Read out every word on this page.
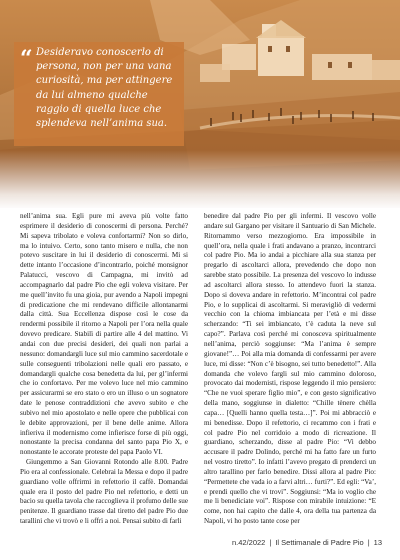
“ Desideravo conoscerlo di persona, non per una vana curiosità, ma per attingere da lui almeno qualche raggio di quella luce che splendeva nell’anima sua.

nell’anima sua. Egli pure mi aveva più volte fatto esprimere il desiderio di conoscermi di persona. Perché? Mi sapeva tribolato e voleva confortarmi? Non so dirlo, ma lo intuivo. Certo, sono tanto misero e nulla, che non potevo suscitare in lui il desiderio di conoscermi. Mi si dette intanto l’occasione d’incontrarlo, poiché monsignor Palatucci, vescovo di Campagna, mi invitò ad accompagnarlo dal padre Pio che egli voleva visitare. Per me quell’invito fu una gioia, pur avendo a Napoli impegni di predicazione che mi rendevano difficile allontanarmi dalla città. Sua Eccellenza dispose così le cose da rendermi possibile il ritorno a Napoli per l’ora nella quale dovevo predicare. Stabilì di partire alle 4 del mattino. Vi andai con due precisi desideri, dei quali non parlai a nessuno: domandargli luce sul mio cammino sacerdotale e sulle conseguenti tribolazioni nelle quali ero passato, e domandargli qualche cosa benedetta da lui, per gl’infermi che io confortavo. Per me volevo luce nel mio cammino per assicurarmi se ero stato o ero un illuso o un sognatore date le penose contraddizioni che avevo subito e che subivo nel mio apostolato e nelle opere che pubblicai con le debite approvazioni, per il bene delle anime. Allora infieriva il modernismo come infieriscе forse di più oggi, nonostante la precisa condanna del santo papa Pio X, e nonostante le accorate proteste del papa Paolo VI.

Giungemmo a San Giovanni Rotondo alle 8.00. Padre Pio era al confessionale. Celebrai la Messa e dopo il padre guardiano volle offrirmi in refettorio il caffè. Domandai quale era il posto del padre Pio nel refettorio, e detti un bacio su quella tavola che raccoglieva il profumo delle sue penitenze. Il guardiano trasse dal tiretto del padre Pio due tarallini che vi trovò e li offrì a noi. Pensai subito di farli

benedire dal padre Pio per gli infermi. Il vescovo volle andare sul Gargano per visitare il Santuario di San Michele. Ritornammo verso mezzogiorno. Era impossibile in quell’ora, nella quale i frati andavano a pranzo, incontrarci col padre Pio. Ma io andai a picchiare alla sua stanza per pregarlo di ascoltarci allora, prevedendo che dopo non sarebbe stato possibile. La presenza del vescovo lo indusse ad ascoltarci allora stesso. Io attendevo fuori la stanza. Dopo si doveva andare in refettorio. M’incontrai col padre Pio, e lo supplicai di ascoltarmi. Si meravigliò di vedermi vecchio con la chioma imbiancata per l’età e mi disse scherzando: “Ti sei imbiancato, t’è caduta la neve sul capo?”. Parlava così perché mi conosceva spiritualmente nell’anima, perciò soggiunse: “Ma l’anima è sempre giovane!”… Poi alla mia domanda di confessarmi per avere luce, mi disse: “Non c’è bisogno, sei tutto benedetto!”. Alla domanda che volevo fargli sul mio cammino doloroso, provocato dai modernisti, rispose leggendo il mio pensiero: “Che ne vuoi sperare figlio mio”, e con gesto significativo della mano, soggiunse in dialetto: “Chille tènerе chèlla capa… [Quelli hanno quella testa…]”. Poi mi abbracciò e mi benedisse. Dopo il refettorio, ci recammo con i frati e col padre Pio nel corridoio a modo di ricreazione. Il guardiano, scherzando, disse al padre Pio: “Vi debbo accusare il padre Dolindo, perché mi ha fatto fare un furto nel vostro tiretto”. Io infatti l’avevo pregato di prenderci un altro tarallino per farlo benedire. Dissi allora al padre Pio: “Permettete che vada io a farvi altri… furti?”. Ed egli: “Va’, e prendi quello che vi trovi”. Soggiunsi: “Ma io voglio che me li benediciate voi”. Rispose con mirabile intuizione: “E come, non hai capito che dalle 4, ora della tua partenza da Napoli, vi ho posto tante cose per

n.42/2022 | Il Settimanale di Padre Pio | 13
